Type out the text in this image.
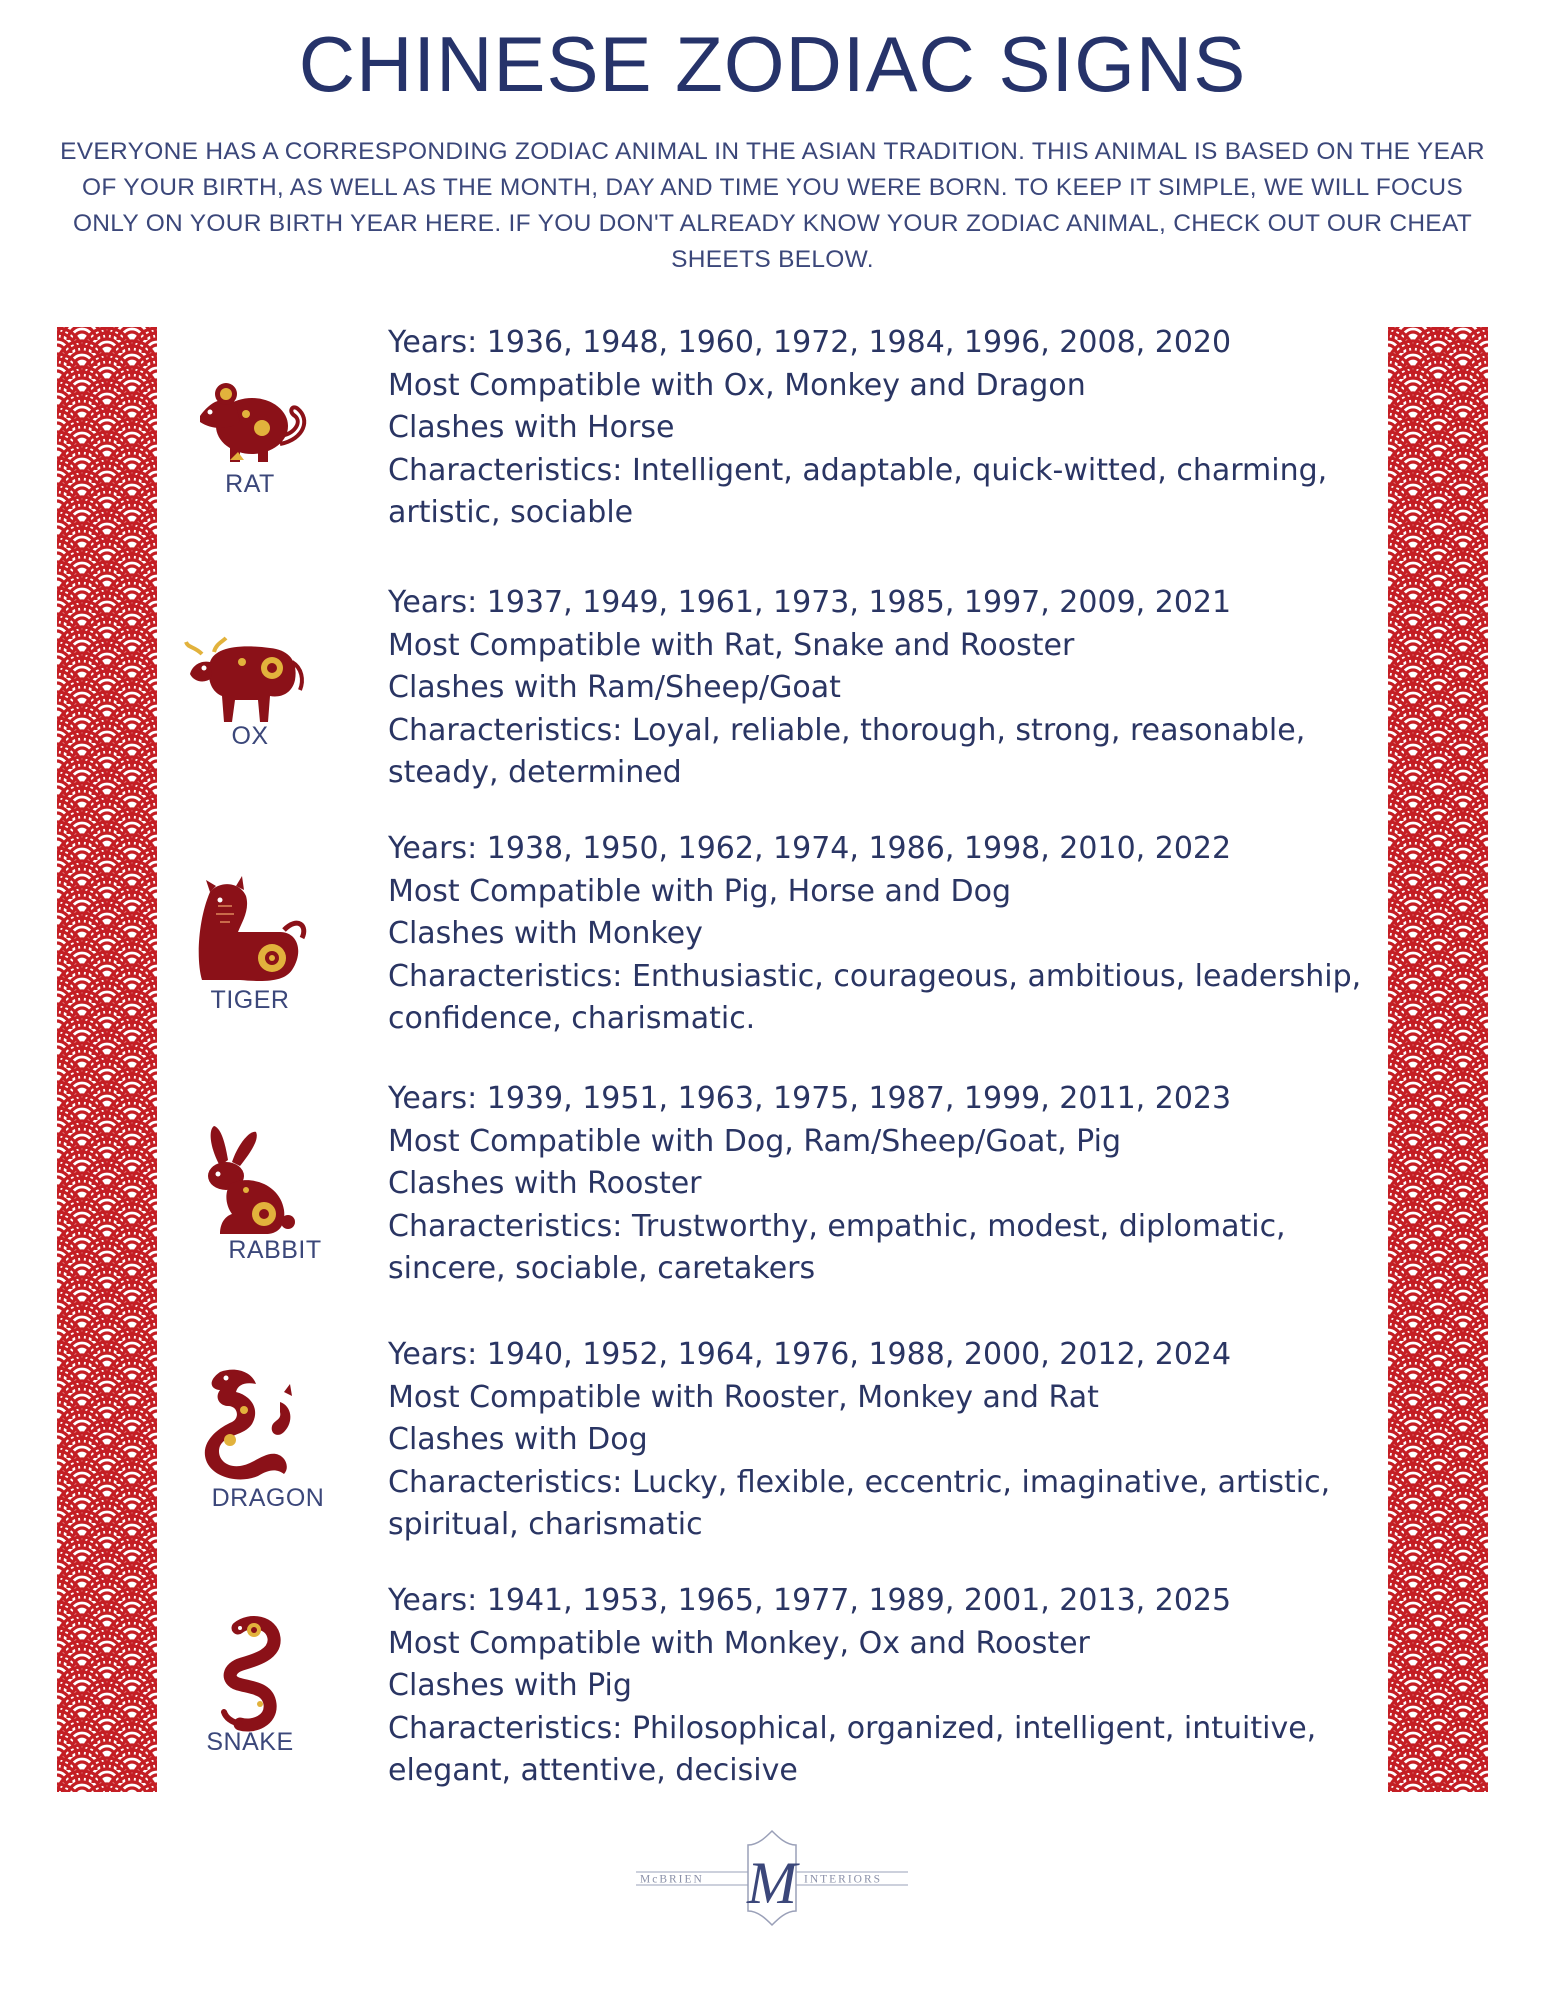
CHINESE ZODIAC SIGNS
EVERYONE HAS A CORRESPONDING ZODIAC ANIMAL IN THE ASIAN TRADITION. THIS ANIMAL IS BASED ON THE YEAR OF YOUR BIRTH, AS WELL AS THE MONTH, DAY AND TIME YOU WERE BORN. TO KEEP IT SIMPLE, WE WILL FOCUS ONLY ON YOUR BIRTH YEAR HERE. IF YOU DON'T ALREADY KNOW YOUR ZODIAC ANIMAL, CHECK OUT OUR CHEAT SHEETS BELOW.
RAT
Years: 1936, 1948, 1960, 1972, 1984, 1996, 2008, 2020
Most Compatible with Ox, Monkey and Dragon
Clashes with Horse
Characteristics: Intelligent, adaptable, quick-witted, charming, artistic, sociable
OX
Years: 1937, 1949, 1961, 1973, 1985, 1997, 2009, 2021
Most Compatible with Rat, Snake and Rooster
Clashes with Ram/Sheep/Goat
Characteristics: Loyal, reliable, thorough, strong, reasonable, steady, determined
TIGER
Years: 1938, 1950, 1962, 1974, 1986, 1998, 2010, 2022
Most Compatible with Pig, Horse and Dog
Clashes with Monkey
Characteristics: Enthusiastic, courageous, ambitious, leadership, confidence, charismatic.
RABBIT
Years: 1939, 1951, 1963, 1975, 1987, 1999, 2011, 2023
Most Compatible with Dog, Ram/Sheep/Goat, Pig
Clashes with Rooster
Characteristics: Trustworthy, empathic, modest, diplomatic, sincere, sociable, caretakers
DRAGON
Years: 1940, 1952, 1964, 1976, 1988, 2000, 2012, 2024
Most Compatible with Rooster, Monkey and Rat
Clashes with Dog
Characteristics: Lucky, flexible, eccentric, imaginative, artistic, spiritual, charismatic
SNAKE
Years: 1941, 1953, 1965, 1977, 1989, 2001, 2013, 2025
Most Compatible with Monkey, Ox and Rooster
Clashes with Pig
Characteristics: Philosophical, organized, intelligent, intuitive, elegant, attentive, decisive
M
McBRIEN	INTERIORS
